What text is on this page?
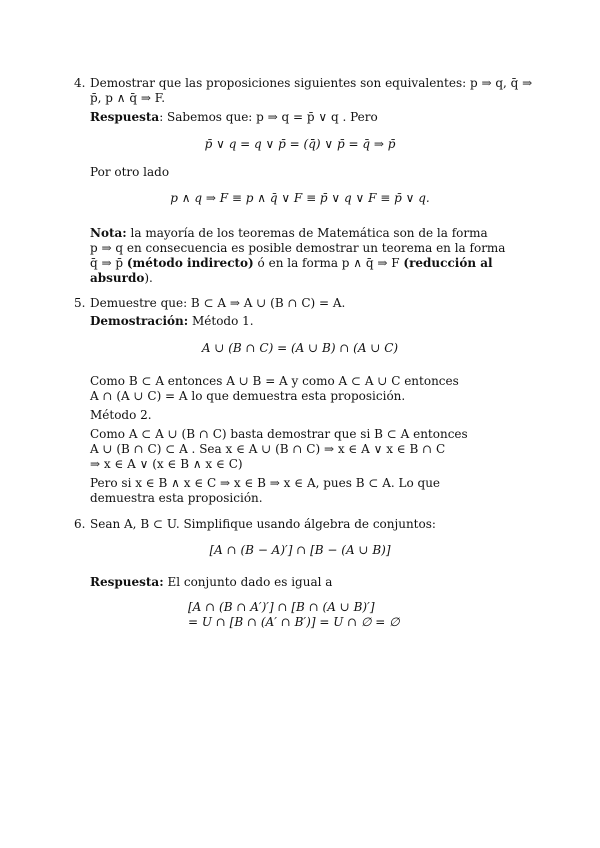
4. Demostrar que las proposiciones siguientes son equivalentes: p ⇒ q, q̄ ⇒
p̄, p ∧ q̄ ⇒ F.
Respuesta: Sabemos que: p ⇒ q = p̄ ∨ q . Pero
p̄ ∨ q = q ∨ p̄ = (q̄̄) ∨ p̄ = q̄ ⇒ p̄
Por otro lado
p ∧ q ⇒ F ≡ p ∧ q̄ ∨ F ≡ p̄ ∨ q ∨ F ≡ p̄ ∨ q.
Nota: la mayoría de los teoremas de Matemática son de la forma
p ⇒ q en consecuencia es posible demostrar un teorema en la forma
q̄ ⇒ p̄ (método indirecto) ó en la forma p ∧ q̄ ⇒ F (reducción al
absurdo).
5. Demuestre que: B ⊂ A ⇒ A ∪ (B ∩ C) = A.
Demostración: Método 1.
A ∪ (B ∩ C) = (A ∪ B) ∩ (A ∪ C)
Como B ⊂ A entonces A ∪ B = A y como A ⊂ A ∪ C entonces
A ∩ (A ∪ C) = A lo que demuestra esta proposición.
Método 2.
Como A ⊂ A ∪ (B ∩ C) basta demostrar que si B ⊂ A entonces
A ∪ (B ∩ C) ⊂ A . Sea x ∈ A ∪ (B ∩ C) ⇒ x ∈ A ∨ x ∈ B ∩ C
⇒ x ∈ A ∨ (x ∈ B ∧ x ∈ C)
Pero si x ∈ B ∧ x ∈ C ⇒ x ∈ B ⇒ x ∈ A, pues B ⊂ A. Lo que
demuestra esta proposición.
6. Sean A, B ⊂ U. Simplifique usando álgebra de conjuntos:
[A ∩ (B − A)′] ∩ [B − (A ∪ B)]
Respuesta: El conjunto dado es igual a
[A ∩ (B ∩ A′)′] ∩ [B ∩ (A ∪ B)′]
= U ∩ [B ∩ (A′ ∩ B′)] = U ∩ ∅ = ∅
